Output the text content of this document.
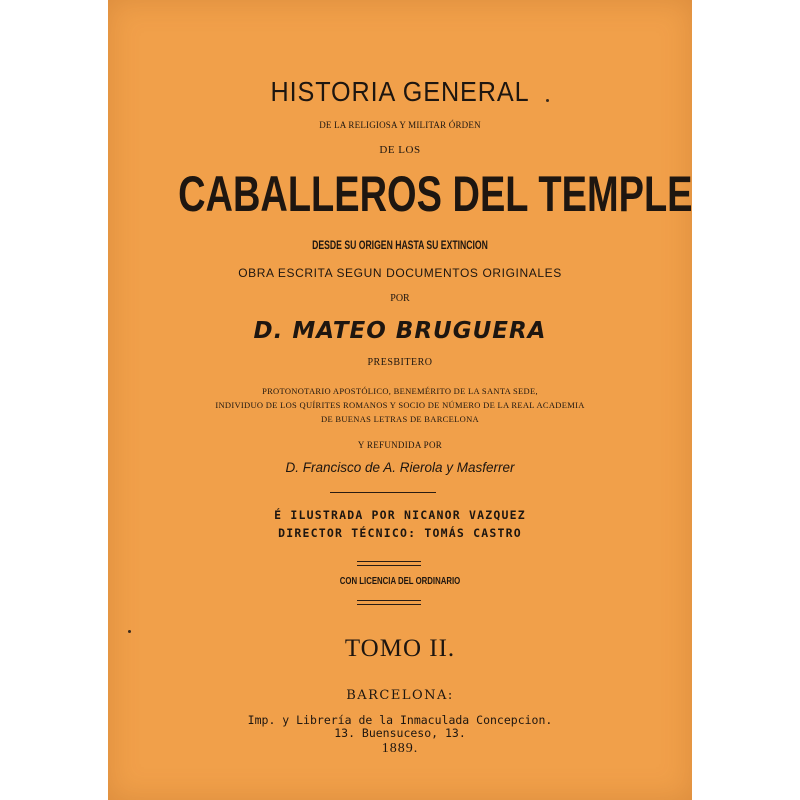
HISTORIA GENERAL
DE LA RELIGIOSA Y MILITAR ÓRDEN
DE LOS
CABALLEROS DEL TEMPLE
DESDE SU ORIGEN HASTA SU EXTINCION
OBRA ESCRITA SEGUN DOCUMENTOS ORIGINALES
POR
D. MATEO BRUGUERA
PRESBITERO
PROTONOTARIO APOSTÓLICO, BENEMÉRITO DE LA SANTA SEDE,
INDIVIDUO DE LOS QUÍRITES ROMANOS Y SOCIO DE NÚMERO DE LA REAL ACADEMIA
DE BUENAS LETRAS DE BARCELONA
Y REFUNDIDA POR
D. Francisco de A. Rierola y Masferrer
É ILUSTRADA POR NICANOR VAZQUEZ
DIRECTOR TÉCNICO: TOMÁS CASTRO
CON LICENCIA DEL ORDINARIO
TOMO II.
BARCELONA:
Imp. y Librería de la Inmaculada Concepcion.
13. Buensuceso, 13.
1889.
